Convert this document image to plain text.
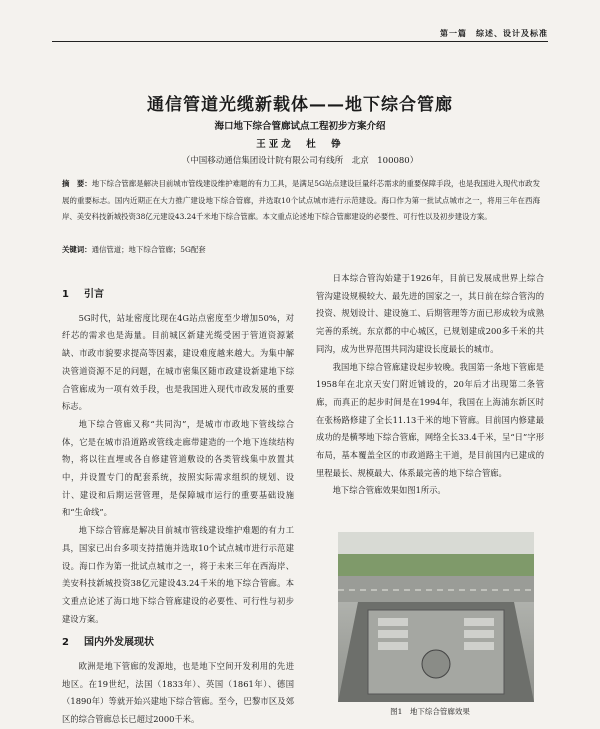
第一篇　综述、设计及标准
通信管道光缆新载体——地下综合管廊
海口地下综合管廊试点工程初步方案介绍
王亚龙　杜　铮
（中国移动通信集团设计院有限公司有线所　北京　100080）
摘　要：地下综合管廊是解决目前城市管线建设维护难题的有力工具，是满足5G站点建设巨量纤芯需求的重要保障手段，也是我国进入现代市政发展的重要标志。国内近期正在大力推广建设地下综合管廊，并选取10个试点城市进行示范建设。海口作为第一批试点城市之一，将用三年在西海岸、美安科技新城投资38亿元建设43.24千米地下综合管廊。本文重点论述地下综合管廊建设的必要性、可行性以及初步建设方案。
关键词：通信管道；地下综合管廊；5G配套
1 引言

5G时代，站址密度比现在4G站点密度至少增加50%，对纤芯的需求也是海量。目前城区新建光缆受困于管道资源紧缺、市政市貌要求提高等因素，建设难度越来越大。为集中解决管道资源不足的问题，在城市密集区随市政建设新建地下综合管廊成为一项有效手段，也是我国进入现代市政发展的重要标志。

地下综合管廊又称“共同沟”，是城市市政地下管线综合体，它是在城市沿道路或管线走廊带建造的一个地下连续结构物，将以往直埋或各自修建管道敷设的各类管线集中放置其中，并设置专门的配套系统，按照实际需求组织的规划、设计、建设和后期运营管理，是保障城市运行的重要基础设施和“生命线”。

地下综合管廊是解决目前城市管线建设维护难题的有力工具，国家已出台多项支持措施并选取10个试点城市进行示范建设。海口作为第一批试点城市之一，将于未来三年在西海岸、美安科技新城投资38亿元建设43.24千米的地下综合管廊。本文重点论述了海口地下综合管廊建设的必要性、可行性与初步建设方案。

2 国内外发展现状

欧洲是地下管廊的发源地，也是地下空间开发利用的先进地区。在19世纪，法国（1833年）、英国（1861年）、德国（1890年）等就开始兴建地下综合管廊。至今，巴黎市区及郊区的综合管廊总长已超过2000千米。

日本综合管沟始建于1926年，目前已发展成世界上综合管沟建设规模较大、最先进的国家之一，其日前在综合管沟的投资、规划设计、建设施工、后期管理等方面已形成较为成熟完善的系统。东京都的中心城区，已规划建成200多千米的共同沟，成为世界范围共同沟建设长度最长的城市。

我国地下综合管廊建设起步较晚。我国第一条地下管廊是1958年在北京天安门附近铺设的，20年后才出现第二条管廊，而真正的起步时间是在1994年，我国在上海浦东新区时在张杨路修建了全长11.13千米的地下管廊。目前国内修建最成功的是横琴地下综合管廊，网络全长33.4千米，呈“日”字形布局，基本覆盖全区的市政道路主干道，是目前国内已建成的里程最长、规模最大、体系最完善的地下综合管廊。

地下综合管廊效果如图1所示。

图1　地下综合管廊效果
